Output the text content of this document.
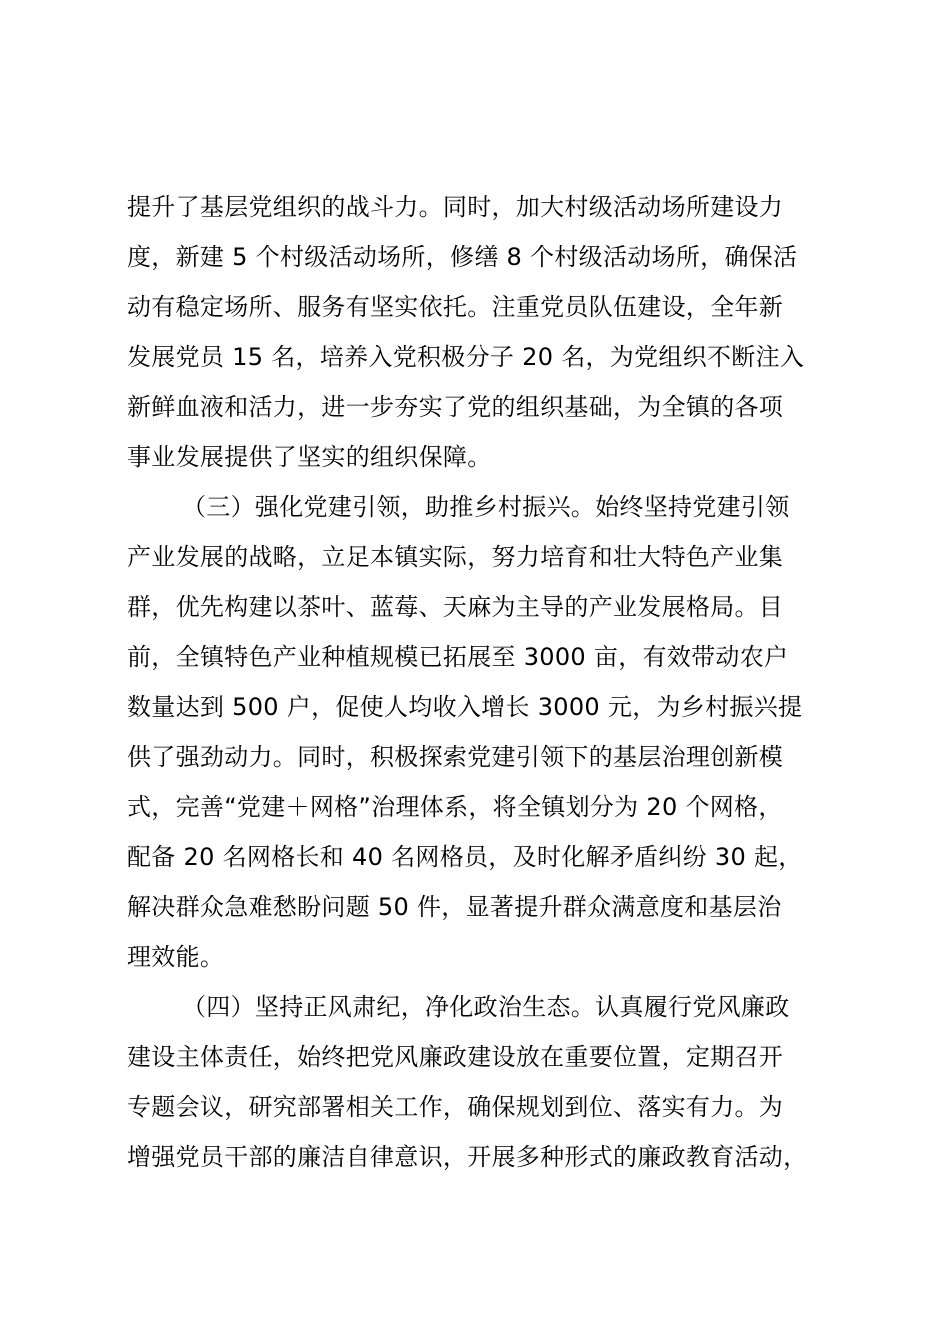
提升了基层党组织的战斗力。同时，加大村级活动场所建设力
度，新建 5 个村级活动场所，修缮 8 个村级活动场所，确保活
动有稳定场所、服务有坚实依托。注重党员队伍建设，全年新
发展党员 15 名，培养入党积极分子 20 名，为党组织不断注入
新鲜血液和活力，进一步夯实了党的组织基础，为全镇的各项
事业发展提供了坚实的组织保障。
（三）强化党建引领，助推乡村振兴。始终坚持党建引领
产业发展的战略，立足本镇实际，努力培育和壮大特色产业集
群，优先构建以茶叶、蓝莓、天麻为主导的产业发展格局。目
前，全镇特色产业种植规模已拓展至 3000 亩，有效带动农户
数量达到 500 户，促使人均收入增长 3000 元，为乡村振兴提
供了强劲动力。同时，积极探索党建引领下的基层治理创新模
式，完善“党建＋网格”治理体系，将全镇划分为 20 个网格，
配备 20 名网格长和 40 名网格员，及时化解矛盾纠纷 30 起，
解决群众急难愁盼问题 50 件，显著提升群众满意度和基层治
理效能。
（四）坚持正风肃纪，净化政治生态。认真履行党风廉政
建设主体责任，始终把党风廉政建设放在重要位置，定期召开
专题会议，研究部署相关工作，确保规划到位、落实有力。为
增强党员干部的廉洁自律意识，开展多种形式的廉政教育活动，
